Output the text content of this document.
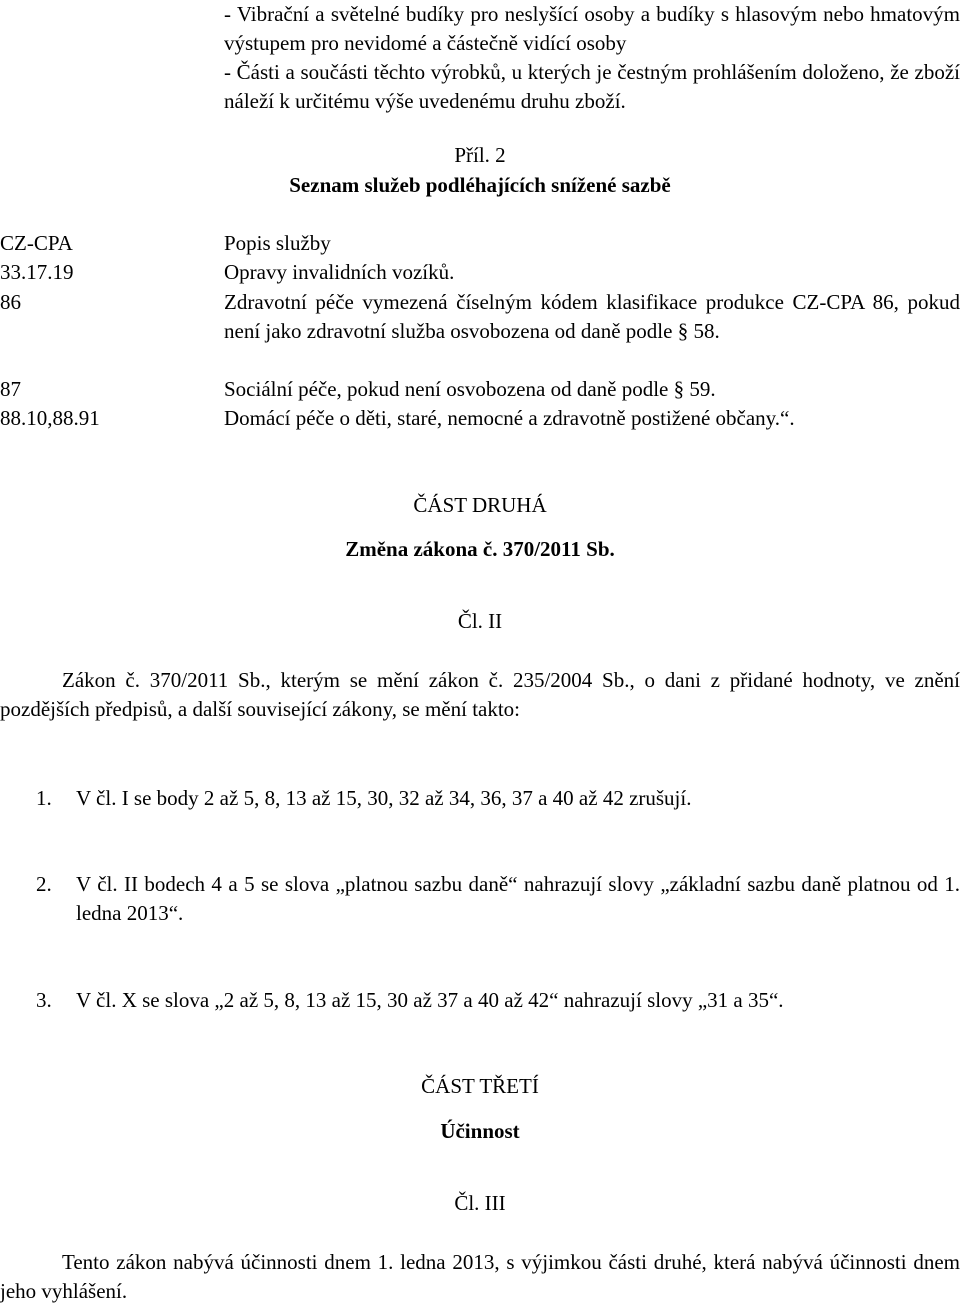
- Vibrační a světelné budíky pro neslyšící osoby a budíky s hlasovým nebo hmatovým výstupem pro nevidomé a částečně vidící osoby

- Části a součásti těchto výrobků, u kterých je čestným prohlášením doloženo, že zboží náleží k určitému výše uvedenému druhu zboží.

Příl. 2
Seznam služeb podléhajících snížené sazbě
CZ-CPA	Popis služby
33.17.19	Opravy invalidních vozíků.
86	Zdravotní péče vymezená číselným kódem klasifikace produkce CZ-CPA 86, pokud není jako zdravotní služba osvobozena od daně podle § 58.
87	Sociální péče, pokud není osvobozena od daně podle § 59.
88.10,88.91	Domácí péče o děti, staré, nemocné a zdravotně postižené občany.“.
ČÁST DRUHÁ
Změna zákona č. 370/2011 Sb.
Čl. II
Zákon č. 370/2011 Sb., kterým se mění zákon č. 235/2004 Sb., o dani z přidané hodnoty, ve znění pozdějších předpisů, a další související zákony, se mění takto:
1. V čl. I se body 2 až 5, 8, 13 až 15, 30, 32 až 34, 36, 37 a 40 až 42 zrušují.
2. V čl. II bodech 4 a 5 se slova „platnou sazbu daně“ nahrazují slovy „základní sazbu daně platnou od 1. ledna 2013“.
3. V čl. X se slova „2 až 5, 8, 13 až 15, 30 až 37 a 40 až 42“ nahrazují slovy „31 a 35“.
ČÁST TŘETÍ
Účinnost
Čl. III
Tento zákon nabývá účinnosti dnem 1. ledna 2013, s výjimkou části druhé, která nabývá účinnosti dnem jeho vyhlášení.
